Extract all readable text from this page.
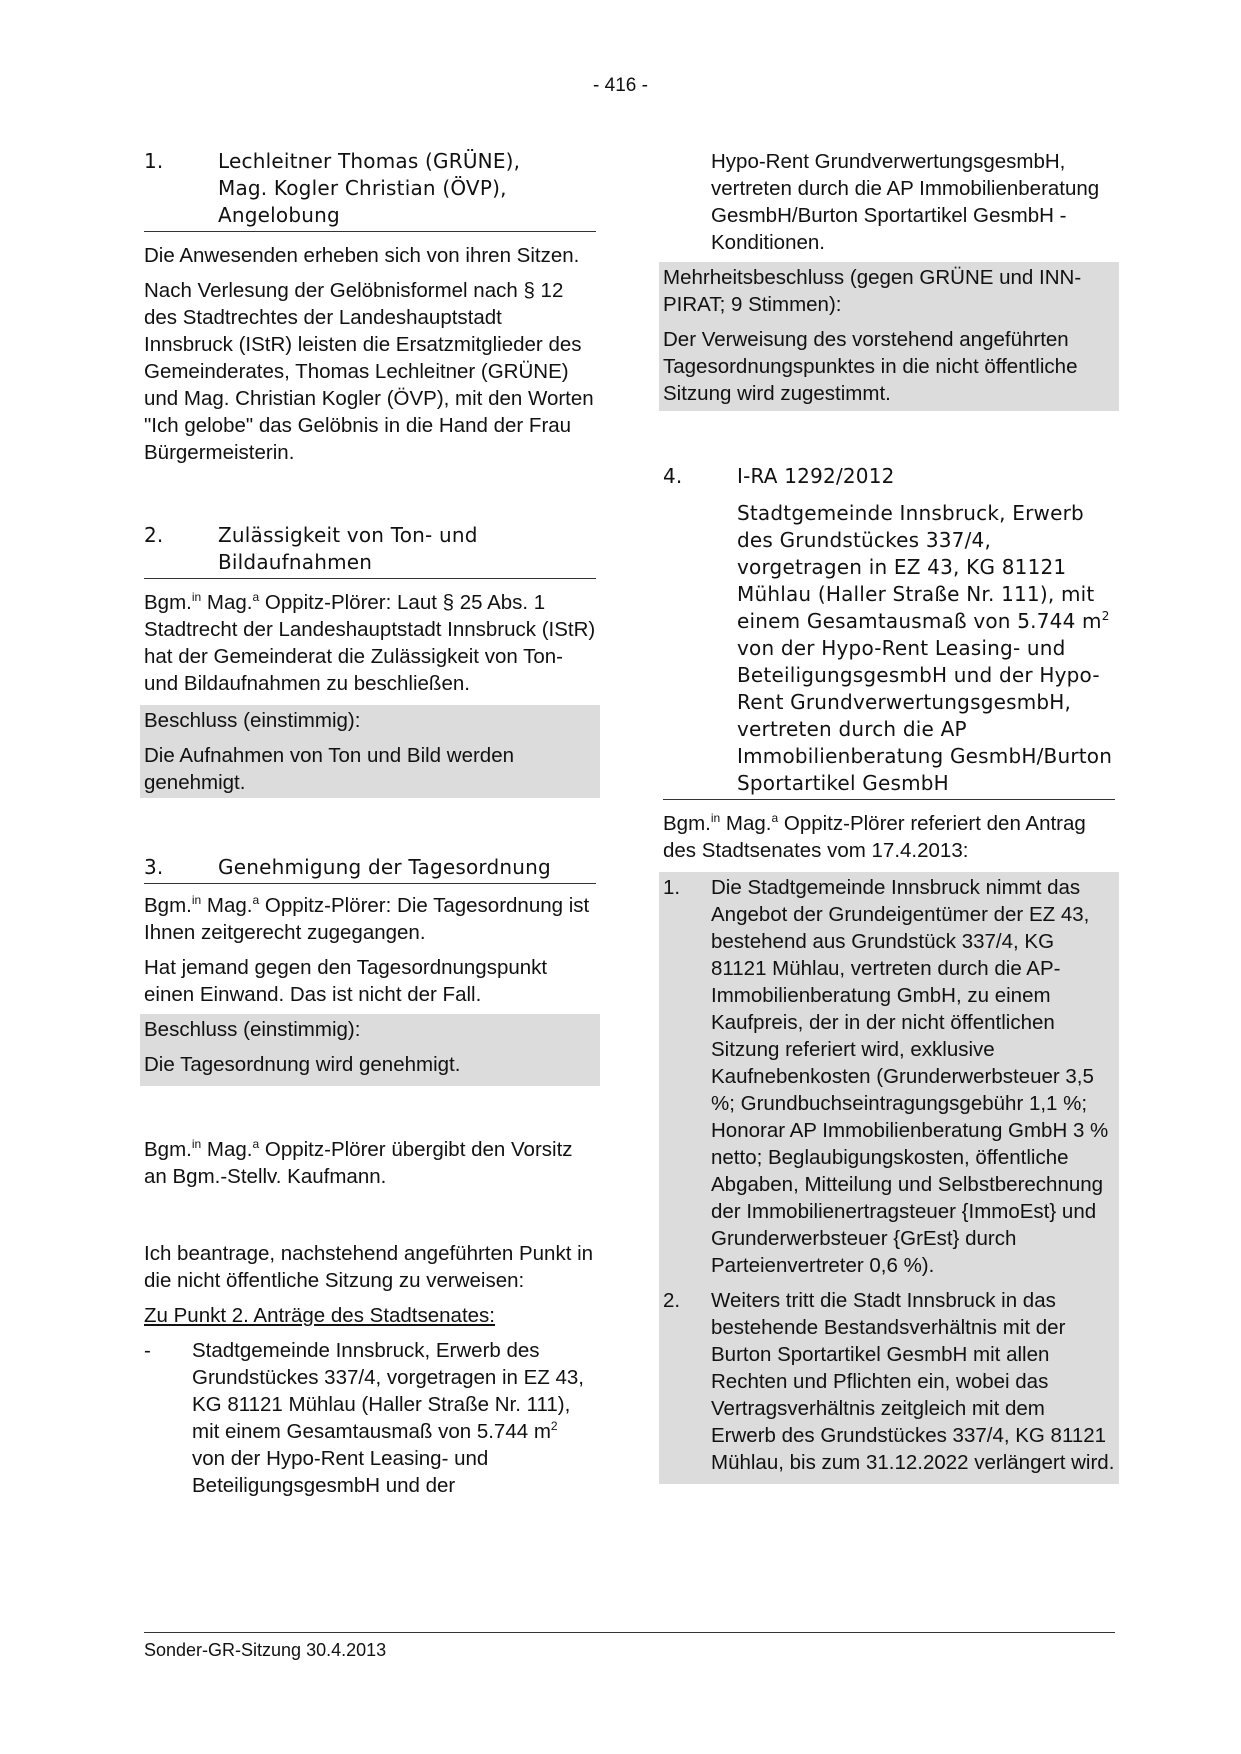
- 416 -
1.	Lechleitner Thomas (GRÜNE), Mag. Kogler Christian (ÖVP), Angelobung

Die Anwesenden erheben sich von ihren Sitzen.

Nach Verlesung der Gelöbnisformel nach § 12 des Stadtrechtes der Landeshauptstadt Innsbruck (IStR) leisten die Ersatzmitglieder des Gemeinderates, Thomas Lechleitner (GRÜNE) und Mag. Christian Kogler (ÖVP), mit den Worten "Ich gelobe" das Gelöbnis in die Hand der Frau Bürgermeisterin.

2.	Zulässigkeit von Ton- und Bildaufnahmen

Bgm.$^{in}$ Mag.$^a$ Oppitz-Plörer: Laut § 25 Abs. 1 Stadtrecht der Landeshauptstadt Innsbruck (IStR) hat der Gemeinderat die Zulässigkeit von Ton- und Bildaufnahmen zu beschließen.

Beschluss (einstimmig):

Die Aufnahmen von Ton und Bild werden genehmigt.

3.	Genehmigung der Tagesordnung

Bgm.$^{in}$ Mag.$^a$ Oppitz-Plörer: Die Tagesordnung ist Ihnen zeitgerecht zugegangen.

Hat jemand gegen den Tagesordnungspunkt einen Einwand. Das ist nicht der Fall.

Beschluss (einstimmig):

Die Tagesordnung wird genehmigt.

Bgm.$^{in}$ Mag.$^a$ Oppitz-Plörer übergibt den Vorsitz an Bgm.-Stellv. Kaufmann.

Ich beantrage, nachstehend angeführten Punkt in die nicht öffentliche Sitzung zu verweisen:

Zu Punkt 2. Anträge des Stadtsenates:

-	Stadtgemeinde Innsbruck, Erwerb des Grundstückes 337/4, vorgetragen in EZ 43, KG 81121 Mühlau (Haller Straße Nr. 111), mit einem Gesamtausmaß von 5.744 $m^2$ von der Hypo-Rent Leasing- und BeteiligungsgesmbH und der

Hypo-Rent GrundverwertungsgesmbH, vertreten durch die AP Immobilienberatung GesmbH/Burton Sportartikel GesmbH - Konditionen.

Mehrheitsbeschluss (gegen GRÜNE und INN-PIRAT; 9 Stimmen):

Der Verweisung des vorstehend angeführten Tagesordnungspunktes in die nicht öffentliche Sitzung wird zugestimmt.

4.	I-RA 1292/2012
Stadtgemeinde Innsbruck, Erwerb des Grundstückes 337/4, vorgetragen in EZ 43, KG 81121 Mühlau (Haller Straße Nr. 111), mit einem Gesamtausmaß von 5.744 $m^2$ von der Hypo-Rent Leasing- und BeteiligungsgesmbH und der Hypo-Rent GrundverwertungsgesmbH, vertreten durch die AP Immobilienberatung GesmbH/Burton Sportartikel GesmbH

Bgm.$^{in}$ Mag.$^a$ Oppitz-Plörer referiert den Antrag des Stadtsenates vom 17.4.2013:

1.	Die Stadtgemeinde Innsbruck nimmt das Angebot der Grundeigentümer der EZ 43, bestehend aus Grundstück 337/4, KG 81121 Mühlau, vertreten durch die AP-Immobilienberatung GmbH, zu einem Kaufpreis, der in der nicht öffentlichen Sitzung referiert wird, exklusive Kaufnebenkosten (Grunderwerbsteuer 3,5 %; Grundbuchseintragungsgebühr 1,1 %; Honorar AP Immobilienberatung GmbH 3 % netto; Beglaubigungskosten, öffentliche Abgaben, Mitteilung und Selbstberechnung der Immobilienertragsteuer {ImmoEst} und Grunderwerbsteuer {GrEst} durch Parteienvertreter 0,6 %).
2.	Weiters tritt die Stadt Innsbruck in das bestehende Bestandsverhältnis mit der Burton Sportartikel GesmbH mit allen Rechten und Pflichten ein, wobei das Vertragsverhältnis zeitgleich mit dem Erwerb des Grundstückes 337/4, KG 81121 Mühlau, bis zum 31.12.2022 verlängert wird.
Sonder-GR-Sitzung 30.4.2013
